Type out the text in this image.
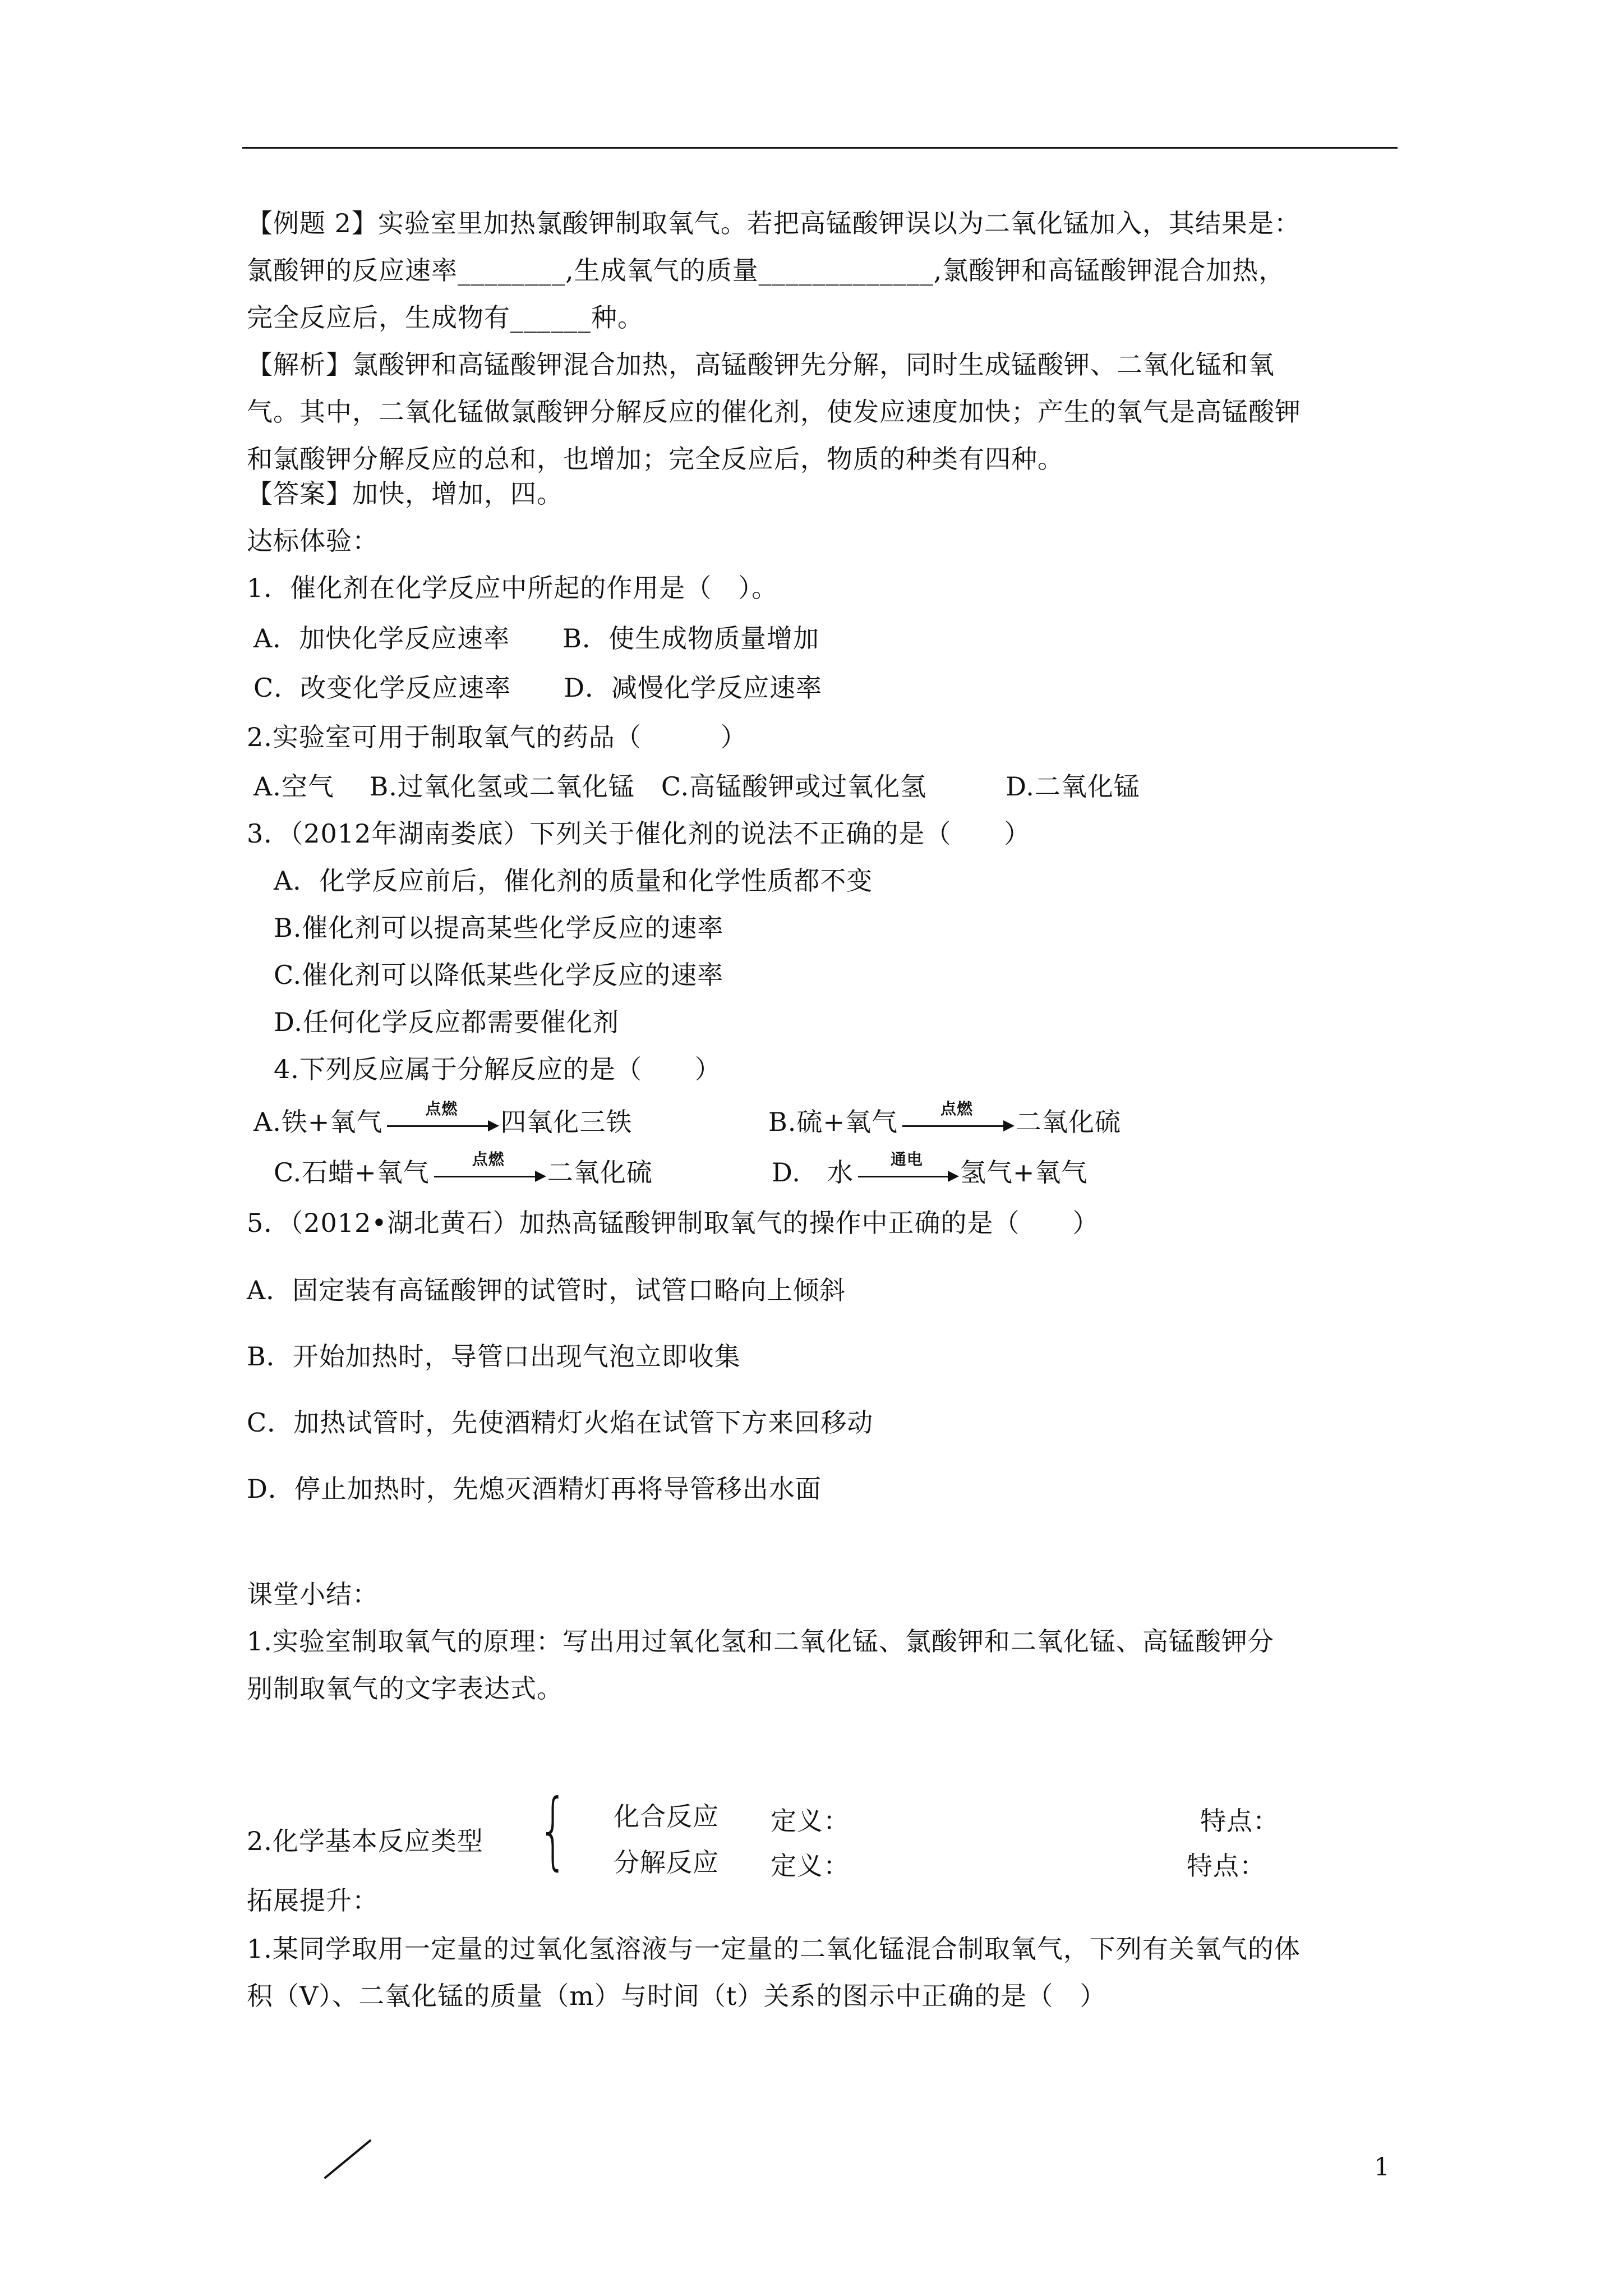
【例题 2】实验室里加热氯酸钾制取氧气。若把高锰酸钾误以为二氧化锰加入，其结果是：
氯酸钾的反应速率________,生成氧气的质量_____________,氯酸钾和高锰酸钾混合加热，
完全反应后，生成物有______种。
【解析】氯酸钾和高锰酸钾混合加热，高锰酸钾先分解，同时生成锰酸钾、二氧化锰和氧
气。其中，二氧化锰做氯酸钾分解反应的催化剂，使发应速度加快；产生的氧气是高锰酸钾
和氯酸钾分解反应的总和，也增加；完全反应后，物质的种类有四种。
【答案】加快，增加，四。
达标体验：
1．催化剂在化学反应中所起的作用是（　）。
A．加快化学反应速率　　B．使生成物质量增加
C．改变化学反应速率　　D．减慢化学反应速率
2.实验室可用于制取氧气的药品（　　　）
A.空气　 B.过氧化氢或二氧化锰　C.高锰酸钾或过氧化氢　　　D.二氧化锰
3．（2012年湖南娄底）下列关于催化剂的说法不正确的是（　　）
A．化学反应前后，催化剂的质量和化学性质都不变
B.催化剂可以提高某些化学反应的速率
C.催化剂可以降低某些化学反应的速率
D.任何化学反应都需要催化剂
4.下列反应属于分解反应的是（　　）
A.铁+氧气	点燃	四氧化三铁	B.硫+氧气	点燃	二氧化硫
C.石蜡+氧气	点燃	二氧化硫	D.　水	通电	氢气+氧气
5．（2012•湖北黄石）加热高锰酸钾制取氧气的操作中正确的是（　　）
A．固定装有高锰酸钾的试管时，试管口略向上倾斜
B．开始加热时，导管口出现气泡立即收集
C．加热试管时，先使酒精灯火焰在试管下方来回移动
D．停止加热时，先熄灭酒精灯再将导管移出水面
课堂小结：
1.实验室制取氧气的原理：写出用过氧化氢和二氧化锰、氯酸钾和二氧化锰、高锰酸钾分
别制取氧气的文字表达式。
2.化学基本反应类型 { 化合反应 定义：	特点：
分解反应 定义：	特点：
拓展提升：
1.某同学取用一定量的过氧化氢溶液与一定量的二氧化锰混合制取氧气，下列有关氧气的体
积（V）、二氧化锰的质量（m）与时间（t）关系的图示中正确的是（　）
1
